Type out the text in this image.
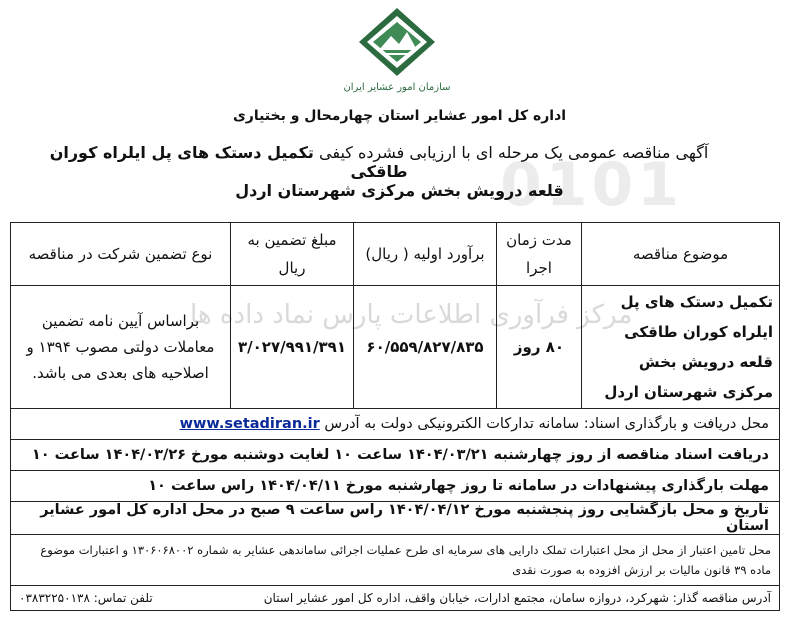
سازمان امور عشایر ایران
0101
مرکز فرآوری اطلاعات پارس نماد داده ها
اداره کل امور عشایر استان چهارمحال و بختیاری
آگهی مناقصه عمومی یک مرحله ای با ارزیابی فشرده کیفی تکمیل دستک های پل ایلراه کوران طاقکی
قلعه درویش بخش مرکزی شهرستان اردل
موضوع مناقصه	مدت زمان اجرا	برآورد اولیه ( ریال)	مبلغ تضمین به ریال	نوع تضمین شرکت در مناقصه
تکمیل دستک های پل ایلراه کوران طاقکی قلعه درویش بخش مرکزی شهرستان اردل	۸۰ روز	۶۰/۵۵۹/۸۲۷/۸۳۵	۳/۰۲۷/۹۹۱/۳۹۱	براساس آیین نامه تضمین معاملات دولتی مصوب ۱۳۹۴ و اصلاحیه های بعدی می باشد.
محل دریافت و بارگذاری اسناد: سامانه تدارکات الکترونیکی دولت به آدرس www.setadiran.ir				
دریافت اسناد مناقصه از روز چهارشنبه ۱۴۰۴/۰۳/۲۱ ساعت ۱۰ لغایت دوشنبه مورخ ۱۴۰۴/۰۳/۲۶ ساعت ۱۰				
مهلت بارگذاری پیشنهادات در سامانه تا روز چهارشنبه مورخ ۱۴۰۴/۰۴/۱۱ راس ساعت ۱۰				
تاریخ و محل بازگشایی روز پنجشنبه مورخ ۱۴۰۴/۰۴/۱۲ راس ساعت ۹ صبح در محل اداره کل امور عشایر استان				
محل تامین اعتبار از محل از محل اعتبارات تملک دارایی های سرمایه ای طرح عملیات اجرائی ساماندهی عشایر به شماره ۱۳۰۶۰۶۸۰۰۲ و اعتبارات موضوع ماده ۳۹ قانون مالیات بر ارزش افزوده به صورت نقدی				
آدرس مناقصه گذار: شهرکرد، دروازه سامان، مجتمع ادارات، خیابان واقف، اداره کل امور عشایر استان
تلفن تماس: ۰۳۸۳۲۲۵۰۱۳۸				
